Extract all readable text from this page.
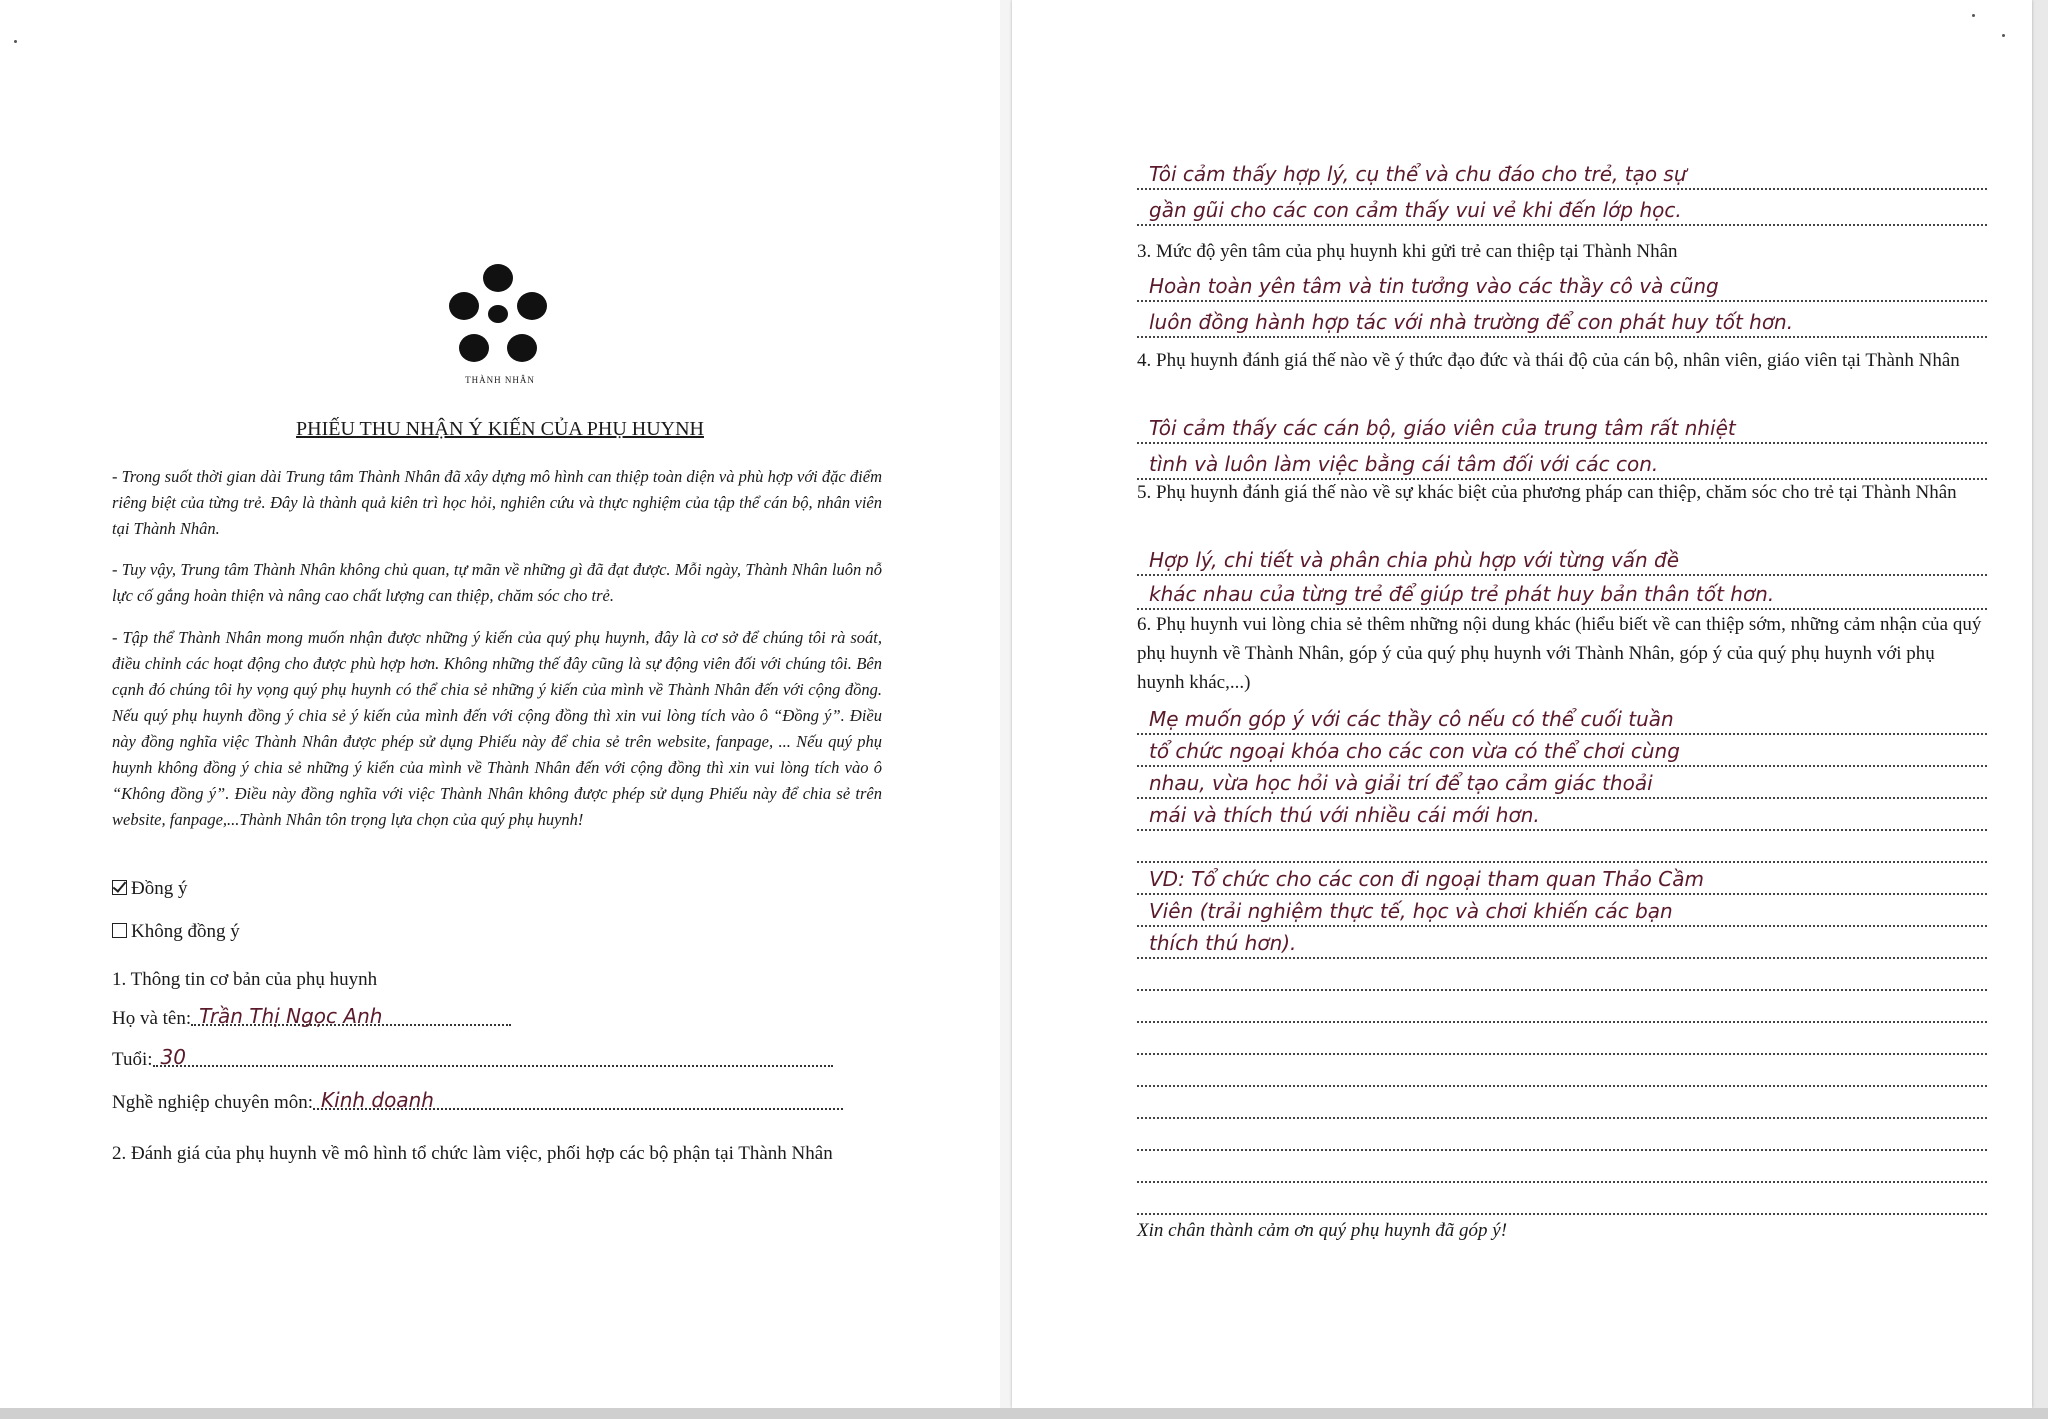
THÀNH NHÂN
PHIẾU THU NHẬN Ý KIẾN CỦA PHỤ HUYNH
- Trong suốt thời gian dài Trung tâm Thành Nhân đã xây dựng mô hình can thiệp toàn diện và phù hợp với đặc điểm riêng biệt của từng trẻ. Đây là thành quả kiên trì học hỏi, nghiên cứu và thực nghiệm của tập thể cán bộ, nhân viên tại Thành Nhân.
- Tuy vậy, Trung tâm Thành Nhân không chủ quan, tự mãn về những gì đã đạt được. Mỗi ngày, Thành Nhân luôn nỗ lực cố gắng hoàn thiện và nâng cao chất lượng can thiệp, chăm sóc cho trẻ.
- Tập thể Thành Nhân mong muốn nhận được những ý kiến của quý phụ huynh, đây là cơ sở để chúng tôi rà soát, điều chỉnh các hoạt động cho được phù hợp hơn. Không những thế đây cũng là sự động viên đối với chúng tôi. Bên cạnh đó chúng tôi hy vọng quý phụ huynh có thể chia sẻ những ý kiến của mình về Thành Nhân đến với cộng đồng. Nếu quý phụ huynh đồng ý chia sẻ ý kiến của mình đến với cộng đồng thì xin vui lòng tích vào ô “Đồng ý”. Điều này đồng nghĩa việc Thành Nhân được phép sử dụng Phiếu này để chia sẻ trên website, fanpage, ... Nếu quý phụ huynh không đồng ý chia sẻ những ý kiến của mình về Thành Nhân đến với cộng đồng thì xin vui lòng tích vào ô “Không đồng ý”. Điều này đồng nghĩa với việc Thành Nhân không được phép sử dụng Phiếu này để chia sẻ trên website, fanpage,...Thành Nhân tôn trọng lựa chọn của quý phụ huynh!
Đồng ý
Không đồng ý
1. Thông tin cơ bản của phụ huynh
Họ và tên: Trần Thị Ngọc Anh
Tuổi: 30
Nghề nghiệp chuyên môn: Kinh doanh
2. Đánh giá của phụ huynh về mô hình tổ chức làm việc, phối hợp các bộ phận tại Thành Nhân
Tôi cảm thấy hợp lý, cụ thể và chu đáo cho trẻ, tạo sự
gần gũi cho các con cảm thấy vui vẻ khi đến lớp học.
3. Mức độ yên tâm của phụ huynh khi gửi trẻ can thiệp tại Thành Nhân
Hoàn toàn yên tâm và tin tưởng vào các thầy cô và cũng
luôn đồng hành hợp tác với nhà trường để con phát huy tốt hơn.
4. Phụ huynh đánh giá thế nào về ý thức đạo đức và thái độ của cán bộ, nhân viên, giáo viên tại Thành Nhân
Tôi cảm thấy các cán bộ, giáo viên của trung tâm rất nhiệt
tình và luôn làm việc bằng cái tâm đối với các con.
5. Phụ huynh đánh giá thế nào về sự khác biệt của phương pháp can thiệp, chăm sóc cho trẻ tại Thành Nhân
Hợp lý, chi tiết và phân chia phù hợp với từng vấn đề
khác nhau của từng trẻ để giúp trẻ phát huy bản thân tốt hơn.
6. Phụ huynh vui lòng chia sẻ thêm những nội dung khác (hiểu biết về can thiệp sớm, những cảm nhận của quý phụ huynh về Thành Nhân, góp ý của quý phụ huynh với Thành Nhân, góp ý của quý phụ huynh với phụ huynh khác,...)
Mẹ muốn góp ý với các thầy cô nếu có thể cuối tuần
tổ chức ngoại khóa cho các con vừa có thể chơi cùng
nhau, vừa học hỏi và giải trí để tạo cảm giác thoải
mái và thích thú với nhiều cái mới hơn.
VD: Tổ chức cho các con đi ngoại tham quan Thảo Cầm
Viên (trải nghiệm thực tế, học và chơi khiến các bạn
thích thú hơn).
Xin chân thành cảm ơn quý phụ huynh đã góp ý!
